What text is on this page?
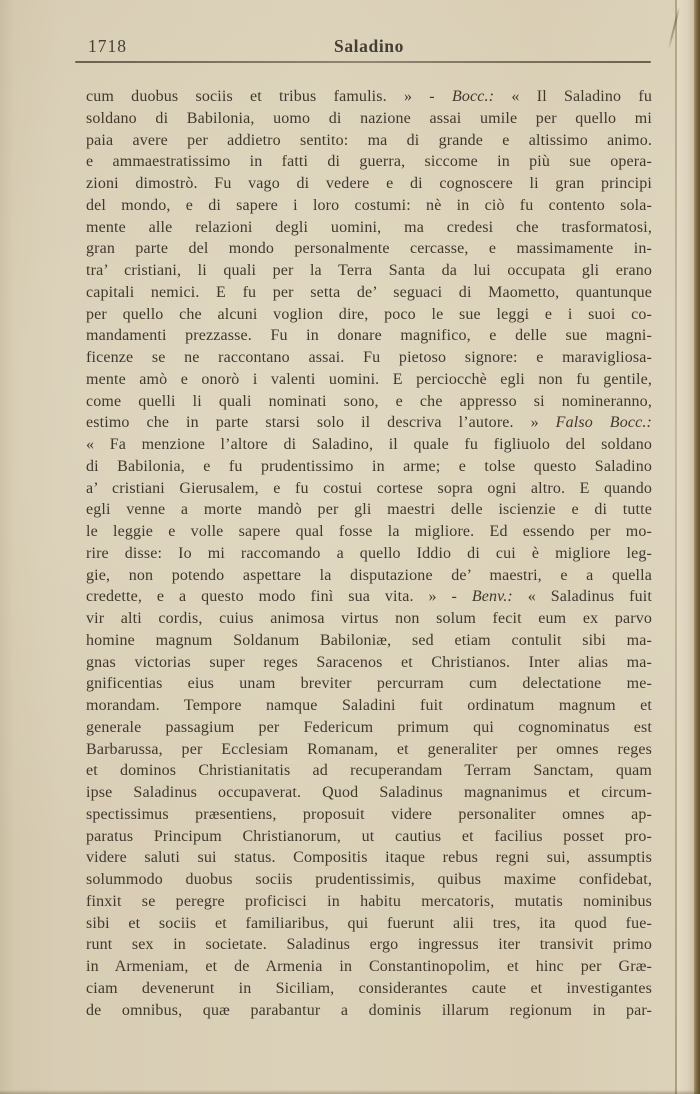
1718	Saladino
cum duobus sociis et tribus famulis. » - Bocc.: « Il Saladino fu
soldano di Babilonia, uomo di nazione assai umile per quello mi
paia avere per addietro sentito: ma di grande e altissimo animo.
e ammaestratissimo in fatti di guerra, siccome in più sue opera-
zioni dimostrò. Fu vago di vedere e di cognoscere li gran principi
del mondo, e di sapere i loro costumi: nè in ciò fu contento sola-
mente alle relazioni degli uomini, ma credesi che trasformatosi,
gran parte del mondo personalmente cercasse, e massimamente in-
tra’ cristiani, li quali per la Terra Santa da lui occupata gli erano
capitali nemici. E fu per setta de’ seguaci di Maometto, quantunque
per quello che alcuni voglion dire, poco le sue leggi e i suoi co-
mandamenti prezzasse. Fu in donare magnifico, e delle sue magni-
ficenze se ne raccontano assai. Fu pietoso signore: e maravigliosa-
mente amò e onorò i valenti uomini. E perciocchè egli non fu gentile,
come quelli li quali nominati sono, e che appresso si nomineranno,
estimo che in parte starsi solo il descriva l’autore. » Falso Bocc.:
« Fa menzione l’altore di Saladino, il quale fu figliuolo del soldano
di Babilonia, e fu prudentissimo in arme; e tolse questo Saladino
a’ cristiani Gierusalem, e fu costui cortese sopra ogni altro. E quando
egli venne a morte mandò per gli maestri delle iscienzie e di tutte
le leggie e volle sapere qual fosse la migliore. Ed essendo per mo-
rire disse: Io mi raccomando a quello Iddio di cui è migliore leg-
gie, non potendo aspettare la disputazione de’ maestri, e a quella
credette, e a questo modo finì sua vita. » - Benv.: « Saladinus fuit
vir alti cordis, cuius animosa virtus non solum fecit eum ex parvo
homine magnum Soldanum Babiloniæ, sed etiam contulit sibi ma-
gnas victorias super reges Saracenos et Christianos. Inter alias ma-
gnificentias eius unam breviter percurram cum delectatione me-
morandam. Tempore namque Saladini fuit ordinatum magnum et
generale passagium per Federicum primum qui cognominatus est
Barbarussa, per Ecclesiam Romanam, et generaliter per omnes reges
et dominos Christianitatis ad recuperandam Terram Sanctam, quam
ipse Saladinus occupaverat. Quod Saladinus magnanimus et circum-
spectissimus præsentiens, proposuit videre personaliter omnes ap-
paratus Principum Christianorum, ut cautius et facilius posset pro-
videre saluti sui status. Compositis itaque rebus regni sui, assumptis
solummodo duobus sociis prudentissimis, quibus maxime confidebat,
finxit se peregre proficisci in habitu mercatoris, mutatis nominibus
sibi et sociis et familiaribus, qui fuerunt alii tres, ita quod fue-
runt sex in societate. Saladinus ergo ingressus iter transivit primo
in Armeniam, et de Armenia in Constantinopolim, et hinc per Græ-
ciam devenerunt in Siciliam, considerantes caute et investigantes
de omnibus, quæ parabantur a dominis illarum regionum in par-
